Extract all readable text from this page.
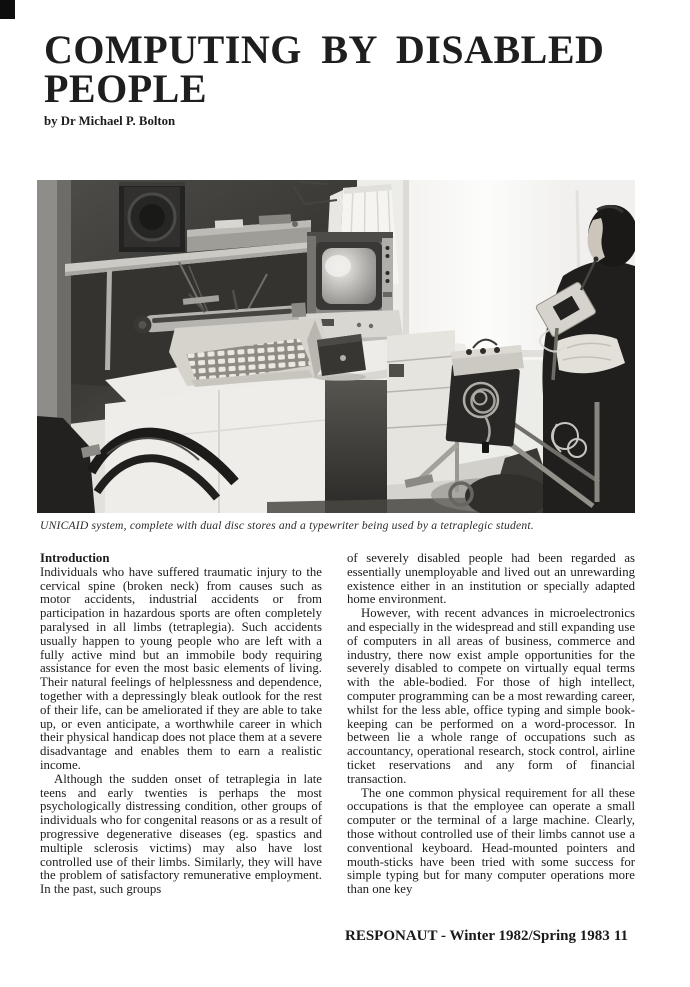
COMPUTING BY DISABLED PEOPLE

by Dr Michael P. Bolton

UNICAID system, complete with dual disc stores and a typewriter being used by a tetraplegic student.

Introduction

Individuals who have suffered traumatic injury to the cervical spine (broken neck) from causes such as motor accidents, industrial accidents or from participation in hazardous sports are often completely paralysed in all limbs (tetraplegia). Such accidents usually happen to young people who are left with a fully active mind but an immobile body requiring assistance for even the most basic elements of living. Their natural feelings of helplessness and dependence, together with a depressingly bleak outlook for the rest of their life, can be ameliorated if they are able to take up, or even anticipate, a worthwhile career in which their physical handicap does not place them at a severe disadvantage and enables them to earn a realistic income.

Although the sudden onset of tetraplegia in late teens and early twenties is perhaps the most psychologically distressing condition, other groups of individuals who for congenital reasons or as a result of progressive degenerative diseases (eg. spastics and multiple sclerosis victims) may also have lost controlled use of their limbs. Similarly, they will have the problem of satisfactory remunerative employment. In the past, such groups

of severely disabled people had been regarded as essentially unemployable and lived out an unrewarding existence either in an institution or specially adapted home environment.

However, with recent advances in microelectronics and especially in the widespread and still expanding use of computers in all areas of business, commerce and industry, there now exist ample opportunities for the severely disabled to compete on virtually equal terms with the able-bodied. For those of high intellect, computer programming can be a most rewarding career, whilst for the less able, office typing and simple book-keeping can be performed on a word-processor. In between lie a whole range of occupations such as accountancy, operational research, stock control, airline ticket reservations and any form of financial transaction.

The one common physical requirement for all these occupations is that the employee can operate a small computer or the terminal of a large machine. Clearly, those without controlled use of their limbs cannot use a conventional keyboard. Head-mounted pointers and mouth-sticks have been tried with some success for simple typing but for many computer operations more than one key

RESPONAUT - Winter 1982/Spring 1983 11
